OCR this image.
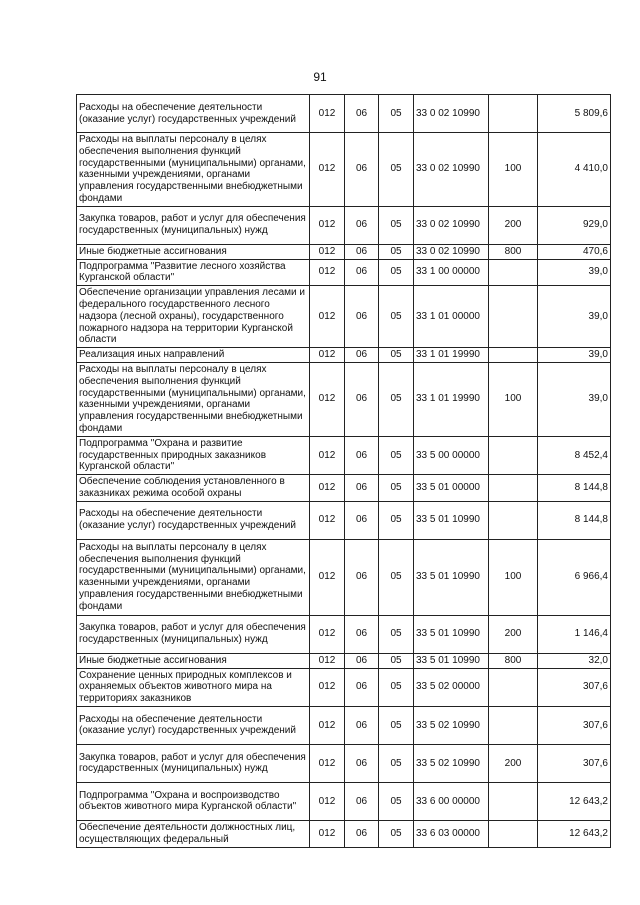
91
Расходы на обеспечение деятельности (оказание услуг) государственных учреждений	012	06	05	33 0 02 10990		5 809,6
Расходы на выплаты персоналу в целях обеспечения выполнения функций государственными (муниципальными) органами, казенными учреждениями, органами управления государственными внебюджетными фондами	012	06	05	33 0 02 10990	100	4 410,0
Закупка товаров, работ и услуг для обеспечения государственных (муниципальных) нужд	012	06	05	33 0 02 10990	200	929,0
Иные бюджетные ассигнования	012	06	05	33 0 02 10990	800	470,6
Подпрограмма "Развитие лесного хозяйства Курганской области"	012	06	05	33 1 00 00000		39,0
Обеспечение организации управления лесами и федерального государственного лесного надзора (лесной охраны), государственного пожарного надзора на территории Курганской области	012	06	05	33 1 01 00000		39,0
Реализация иных направлений	012	06	05	33 1 01 19990		39,0
Расходы на выплаты персоналу в целях обеспечения выполнения функций государственными (муниципальными) органами, казенными учреждениями, органами управления государственными внебюджетными фондами	012	06	05	33 1 01 19990	100	39,0
Подпрограмма "Охрана и развитие государственных природных заказников Курганской области"	012	06	05	33 5 00 00000		8 452,4
Обеспечение соблюдения установленного в заказниках режима особой охраны	012	06	05	33 5 01 00000		8 144,8
Расходы на обеспечение деятельности (оказание услуг) государственных учреждений	012	06	05	33 5 01 10990		8 144,8
Расходы на выплаты персоналу в целях обеспечения выполнения функций государственными (муниципальными) органами, казенными учреждениями, органами управления государственными внебюджетными фондами	012	06	05	33 5 01 10990	100	6 966,4
Закупка товаров, работ и услуг для обеспечения государственных (муниципальных) нужд	012	06	05	33 5 01 10990	200	1 146,4
Иные бюджетные ассигнования	012	06	05	33 5 01 10990	800	32,0
Сохранение ценных природных комплексов и охраняемых объектов животного мира на территориях заказников	012	06	05	33 5 02 00000		307,6
Расходы на обеспечение деятельности (оказание услуг) государственных учреждений	012	06	05	33 5 02 10990		307,6
Закупка товаров, работ и услуг для обеспечения государственных (муниципальных) нужд	012	06	05	33 5 02 10990	200	307,6
Подпрограмма "Охрана и воспроизводство объектов животного мира Курганской области"	012	06	05	33 6 00 00000		12 643,2
Обеспечение деятельности должностных лиц, осуществляющих федеральный	012	06	05	33 6 03 00000		12 643,2
